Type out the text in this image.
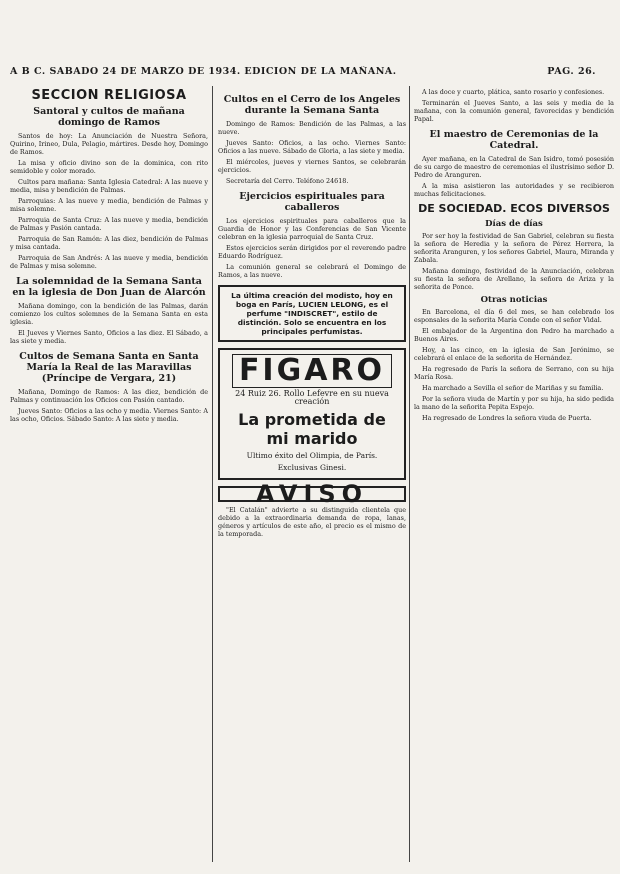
A B C. SABADO 24 DE MARZO DE 1934. EDICION DE LA MAÑANA.	PAG. 26.
SECCION RELIGIOSA
Santoral y cultos de mañana domingo de Ramos

Santos de hoy: La Anunciación de Nuestra Señora, Quirino, Irineo, Dula, Pelagio, mártires. Desde hoy, Domingo de Ramos.

La misa y oficio divino son de la dominica, con rito semidoble y color morado.

Cultos para mañana: Santa Iglesia Catedral: A las nueve y media, misa y bendición de Palmas.

Parroquias: A las nueve y media, bendición de Palmas y misa solemne.

Parroquia de Santa Cruz: A las nueve y media, bendición de Palmas y Pasión cantada.

Parroquia de San Ramón: A las diez, bendición de Palmas y misa cantada.

Parroquia de San Andrés: A las nueve y media, bendición de Palmas y misa solemne.

La solemnidad de la Semana Santa en la iglesia de Don Juan de Alarcón

Mañana domingo, con la bendición de las Palmas, darán comienzo los cultos solemnes de la Semana Santa en esta iglesia.

El Jueves y Viernes Santo, Oficios a las diez. El Sábado, a las siete y media.

Cultos de Semana Santa en Santa María la Real de las Maravillas (Príncipe de Vergara, 21)

Mañana, Domingo de Ramos: A las diez, bendición de Palmas y continuación los Oficios con Pasión cantado.

Jueves Santo: Oficios a las ocho y media. Viernes Santo: A las ocho, Oficios. Sábado Santo: A las siete y media.

Cultos en el Cerro de los Angeles durante la Semana Santa

Domingo de Ramos: Bendición de las Palmas, a las nueve.

Jueves Santo: Oficios, a las ocho. Viernes Santo: Oficios a las nueve. Sábado de Gloria, a las siete y media.

El miércoles, jueves y viernes Santos, se celebrarán ejercicios.

Secretaría del Cerro. Teléfono 24618.

Ejercicios espirituales para caballeros

Los ejercicios espirituales para caballeros que la Guardia de Honor y las Conferencias de San Vicente celebran en la iglesia parroquial de Santa Cruz.

Estos ejercicios serán dirigidos por el reverendo padre Eduardo Rodríguez.

La comunión general se celebrará el Domingo de Ramos, a las nueve.

La última creación del modisto, hoy en boga en París, LUCIEN LELONG, es el perfume "INDISCRET", estilo de distinción. Solo se encuentra en los principales perfumistas.
FIGARO
24 Ruiz 26. Rollo Lefevre en su nueva creación
La prometida de mi marido
Ultimo éxito del Olimpia, de París.
Exclusivas Ginesi.
AVISO

"El Catalán" advierte a su distinguida clientela que debido a la extraordinaria demanda de ropa, lanas, géneros y artículos de este año, el precio es el mismo de la temporada.

A las doce y cuarto, plática, santo rosario y confesiones.

Terminarán el Jueves Santo, a las seis y media de la mañana, con la comunión general, favorecidas y bendición Papal.

El maestro de Ceremonias de la Catedral.

Ayer mañana, en la Catedral de San Isidro, tomó posesión de su cargo de maestro de ceremonias el ilustrísimo señor D. Pedro de Aranguren.

A la misa asistieron las autoridades y se recibieron muchas felicitaciones.

DE SOCIEDAD. ECOS DIVERSOS
Días de días

Por ser hoy la festividad de San Gabriel, celebran su fiesta la señora de Heredia y la señora de Pérez Herrera, la señorita Aranguren, y los señores Gabriel, Maura, Miranda y Zabala.

Mañana domingo, festividad de la Anunciación, celebran su fiesta la señora de Arellano, la señora de Ariza y la señorita de Ponce.

Otras noticias

En Barcelona, el día 6 del mes, se han celebrado los esponsales de la señorita María Conde con el señor Vidal.

El embajador de la Argentina don Pedro ha marchado a Buenos Aires.

Hoy, a las cinco, en la iglesia de San Jerónimo, se celebrará el enlace de la señorita de Hernández.

Ha regresado de París la señora de Serrano, con su hija María Rosa.

Ha marchado a Sevilla el señor de Mariñas y su familia.

Por la señora viuda de Martín y por su hija, ha sido pedida la mano de la señorita Pepita Espejo.

Ha regresado de Londres la señora viuda de Puerta.
